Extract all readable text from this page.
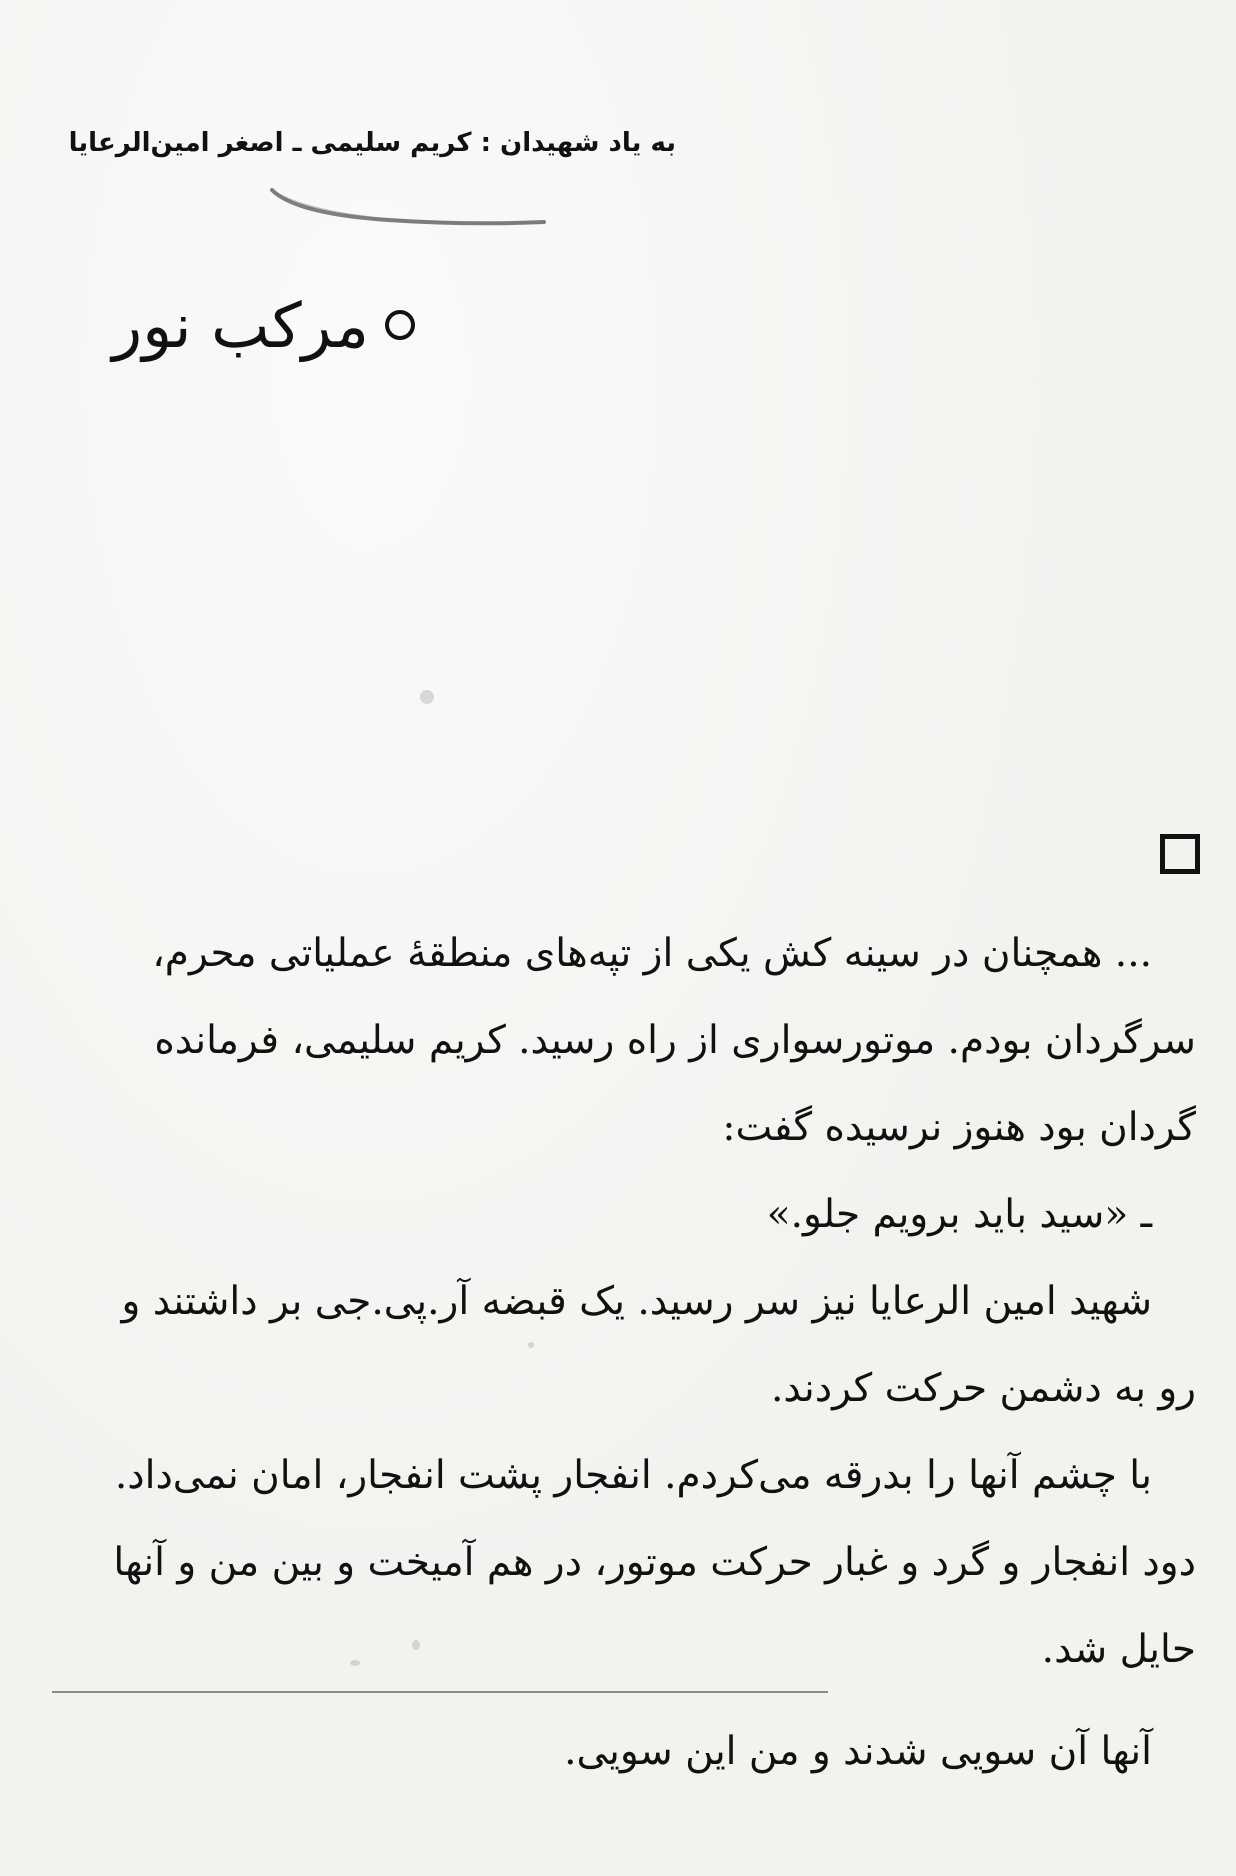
به یاد شهیدان : کریم سلیمی ـ اصغر امین‌الرعایا
مرکب نور
... همچنان در سینه کش یکی از تپه‌های منطقهٔ عملیاتی محرم،
سرگردان بودم. موتورسواری از راه رسید. کریم سلیمی، فرمانده
گردان بود هنوز نرسیده گفت:
ـ «سید باید برویم جلو.»
شهید امین الرعایا نیز سر رسید. یک قبضه آر.پی.جی بر داشتند و
رو به دشمن حرکت کردند.
با چشم آنها را بدرقه می‌کردم. انفجار پشت انفجار، امان نمی‌داد.
دود انفجار و گرد و غبار حرکت موتور، در هم آمیخت و بین من و آنها
حایل شد.
آنها آن سویی شدند و من این سویی.
